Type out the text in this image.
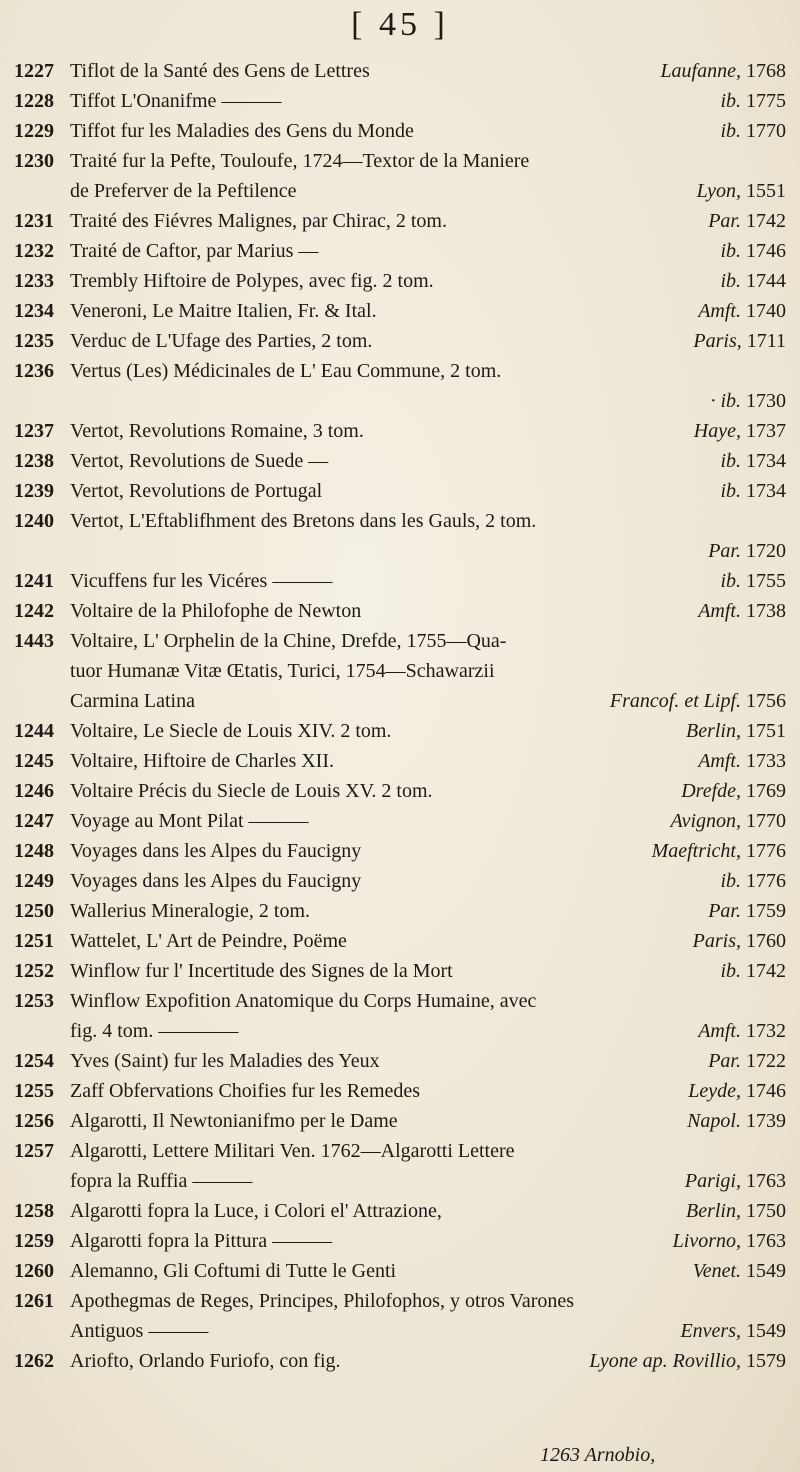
[ 45 ]
1227 Tiflot de la Santé des Gens de Lettres	Laufanne, 1768
1228 Tiffot L'Onanifme ———	ib. 1775
1229 Tiffot fur les Maladies des Gens du Monde	ib. 1770
1230 Traité fur la Pefte, Touloufe, 1724—Textor de la Maniere
de Preferver de la Peftilence	Lyon, 1551
1231 Traité des Fiévres Malignes, par Chirac, 2 tom.	Par. 1742
1232 Traité de Caftor, par Marius —	ib. 1746
1233 Trembly Hiftoire de Polypes, avec fig. 2 tom.	ib. 1744
1234 Veneroni, Le Maitre Italien, Fr. & Ital.	Amft. 1740
1235 Verduc de L'Ufage des Parties, 2 tom.	Paris, 1711
1236 Vertus (Les) Médicinales de L' Eau Commune, 2 tom.
· ib. 1730
1237 Vertot, Revolutions Romaine, 3 tom.	Haye, 1737
1238 Vertot, Revolutions de Suede —	ib. 1734
1239 Vertot, Revolutions de Portugal	ib. 1734
1240 Vertot, L'Eftablifhment des Bretons dans les Gauls, 2 tom.
Par. 1720
1241 Vicuffens fur les Vicéres ———	ib. 1755
1242 Voltaire de la Philofophe de Newton	Amft. 1738
1443 Voltaire, L' Orphelin de la Chine, Drefde, 1755—Qua-
tuor Humanæ Vitæ Œtatis, Turici, 1754—Schawarzii
Carmina Latina	Francof. et Lipf. 1756
1244 Voltaire, Le Siecle de Louis XIV. 2 tom.	Berlin, 1751
1245 Voltaire, Hiftoire de Charles XII.	Amft. 1733
1246 Voltaire Précis du Siecle de Louis XV. 2 tom.	Drefde, 1769
1247 Voyage au Mont Pilat ———	Avignon, 1770
1248 Voyages dans les Alpes du Faucigny	Maeftricht, 1776
1249 Voyages dans les Alpes du Faucigny	ib. 1776
1250 Wallerius Mineralogie, 2 tom.	Par. 1759
1251 Wattelet, L' Art de Peindre, Poëme	Paris, 1760
1252 Winflow fur l' Incertitude des Signes de la Mort	ib. 1742
1253 Winflow Expofition Anatomique du Corps Humaine, avec
fig. 4 tom. ————	Amft. 1732
1254 Yves (Saint) fur les Maladies des Yeux	Par. 1722
1255 Zaff Obfervations Choifies fur les Remedes	Leyde, 1746
1256 Algarotti, Il Newtonianifmo per le Dame	Napol. 1739
1257 Algarotti, Lettere Militari Ven. 1762—Algarotti Lettere
fopra la Ruffia ———	Parigi, 1763
1258 Algarotti fopra la Luce, i Colori el' Attrazione,	Berlin, 1750
1259 Algarotti fopra la Pittura ———	Livorno, 1763
1260 Alemanno, Gli Coftumi di Tutte le Genti	Venet. 1549
1261 Apothegmas de Reges, Principes, Philofophos, y otros Varones
Antiguos ———	Envers, 1549
1262 Ariofto, Orlando Furiofo, con fig.	Lyone ap. Rovillio, 1579
1263 Arnobio,
